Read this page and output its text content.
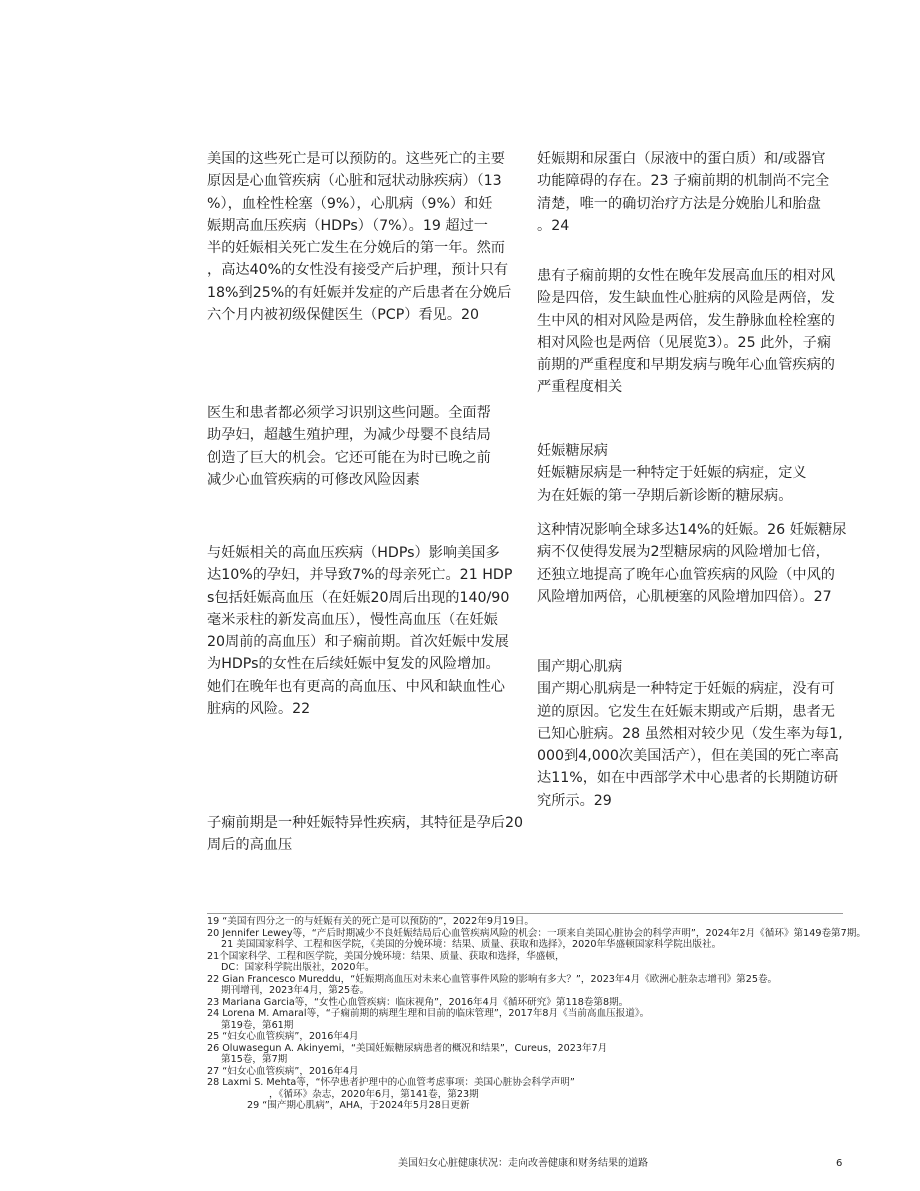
美国的这些死亡是可以预防的。这些死亡的主要
原因是心血管疾病（心脏和冠状动脉疾病）（13
%），血栓性栓塞（9%），心肌病（9%）和妊
娠期高血压疾病（HDPs）（7%）。19 超过一
半的妊娠相关死亡发生在分娩后的第一年。然而
，高达40%的女性没有接受产后护理，预计只有
18%到25%的有妊娠并发症的产后患者在分娩后
六个月内被初级保健医生（PCP）看见。20
医生和患者都必须学习识别这些问题。全面帮
助孕妇，超越生殖护理，为减少母婴不良结局
创造了巨大的机会。它还可能在为时已晚之前
减少心血管疾病的可修改风险因素
与妊娠相关的高血压疾病（HDPs）影响美国多
达10%的孕妇，并导致7%的母亲死亡。21 HDP
s包括妊娠高血压（在妊娠20周后出现的140/90
毫米汞柱的新发高血压），慢性高血压（在妊娠
20周前的高血压）和子痫前期。首次妊娠中发展
为HDPs的女性在后续妊娠中复发的风险增加。
她们在晚年也有更高的高血压、中风和缺血性心
脏病的风险。22
子痫前期是一种妊娠特异性疾病，其特征是孕后20
周后的高血压
妊娠期和尿蛋白（尿液中的蛋白质）和/或器官
功能障碍的存在。23 子痫前期的机制尚不完全
清楚，唯一的确切治疗方法是分娩胎儿和胎盘
。24
患有子痫前期的女性在晚年发展高血压的相对风
险是四倍，发生缺血性心脏病的风险是两倍，发
生中风的相对风险是两倍，发生静脉血栓栓塞的
相对风险也是两倍（见展览3）。25 此外，子痫
前期的严重程度和早期发病与晚年心血管疾病的
严重程度相关
妊娠糖尿病
妊娠糖尿病是一种特定于妊娠的病症，定义
为在妊娠的第一孕期后新诊断的糖尿病。
这种情况影响全球多达14%的妊娠。26 妊娠糖尿
病不仅使得发展为2型糖尿病的风险增加七倍，
还独立地提高了晚年心血管疾病的风险（中风的
风险增加两倍，心肌梗塞的风险增加四倍）。27
围产期心肌病
围产期心肌病是一种特定于妊娠的病症，没有可
逆的原因。它发生在妊娠末期或产后期，患者无
已知心脏病。28 虽然相对较少见（发生率为每1,
000到4,000次美国活产），但在美国的死亡率高
达11%，如在中西部学术中心患者的长期随访研
究所示。29
19 “美国有四分之一的与妊娠有关的死亡是可以预防的”，2022年9月19日。
20 Jennifer Lewey等，“产后时期减少不良妊娠结局后心血管疾病风险的机会：一项来自美国心脏协会的科学声明”，2024年2月《循环》第149卷第7期。
21 美国国家科学、工程和医学院，《美国的分娩环境：结果、质量、获取和选择》，2020年华盛顿国家科学院出版社。
21个国家科学、工程和医学院，美国分娩环境：结果、质量、获取和选择，华盛顿，
DC：国家科学院出版社，2020年。
22 Gian Francesco Mureddu，“妊娠期高血压对未来心血管事件风险的影响有多大？”，2023年4月《欧洲心脏杂志增刊》第25卷。
期刊增刊，2023年4月，第25卷。
23 Mariana Garcia等，“女性心血管疾病：临床视角”，2016年4月《循环研究》第118卷第8期。
24 Lorena M. Amaral等，“子痫前期的病理生理和目前的临床管理”，2017年8月《当前高血压报道》。
第19卷，第61期
25 “妇女心血管疾病”，2016年4月
26 Oluwasegun A. Akinyemi，“美国妊娠糖尿病患者的概况和结果”，Cureus，2023年7月
第15卷，第7期
27 “妇女心血管疾病”，2016年4月
28 Laxmi S. Mehta等，“怀孕患者护理中的心血管考虑事项：美国心脏协会科学声明”
，《循环》杂志，2020年6月，第141卷，第23期
29 “围产期心肌病”，AHA，于2024年5月28日更新
美国妇女心脏健康状况：走向改善健康和财务结果的道路	6
